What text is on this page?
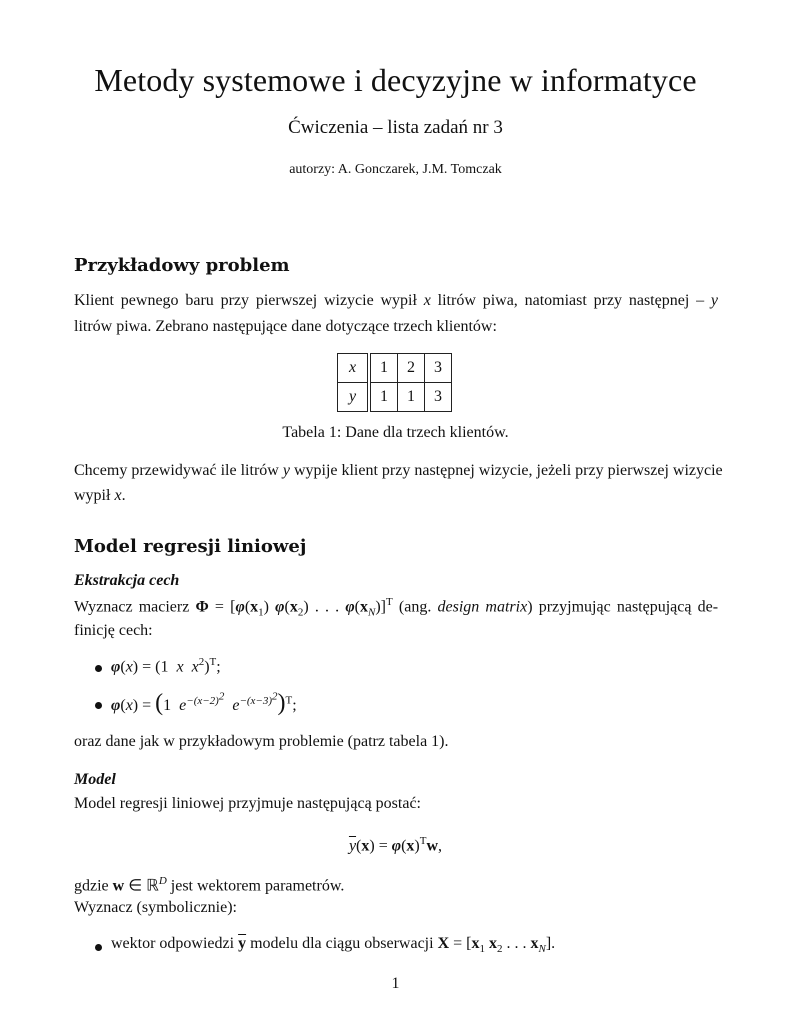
Metody systemowe i decyzyjne w informatyce
Ćwiczenia – lista zadań nr 3
autorzy: A. Gonczarek, J.M. Tomczak
Przykładowy problem
Klient pewnego baru przy pierwszej wizycie wypił x litrów piwa, natomiast przy następnej – y
litrów piwa. Zebrano następujące dane dotyczące trzech klientów:
x	1	2	3
y	1	1	3
Tabela 1: Dane dla trzech klientów.
Chcemy przewidywać ile litrów y wypije klient przy następnej wizycie, jeżeli przy pierwszej wizycie
wypił x.
Model regresji liniowej
Ekstrakcja cech
Wyznacz macierz $\Phi = [\varphi(x_1)$ $\varphi(x_2)$ . . . $\varphi(x_N)]^T$ (ang. design matrix) przyjmując następującą de-
finicję cech:
φ(x) = (1  x $x^2)^T$;
φ(x) = (1  $e^{-(x-2)^2}$  $e^{-(x-3)^2})^T$;
oraz dane jak w przykładowym problemie (patrz tabela 1).
Model
Model regresji liniowej przyjmuje następującą postać:
$\overline{y}(x) = \varphi(x)^Tw$,
gdzie w ∈ ℝ$^D$ jest wektorem parametrów.
Wyznacz (symbolicznie):
wektor odpowiedzi $\overline{y}$ modelu dla ciągu obserwacji $X = [x_1$ $x_2$ . . . $x_N$].
1
